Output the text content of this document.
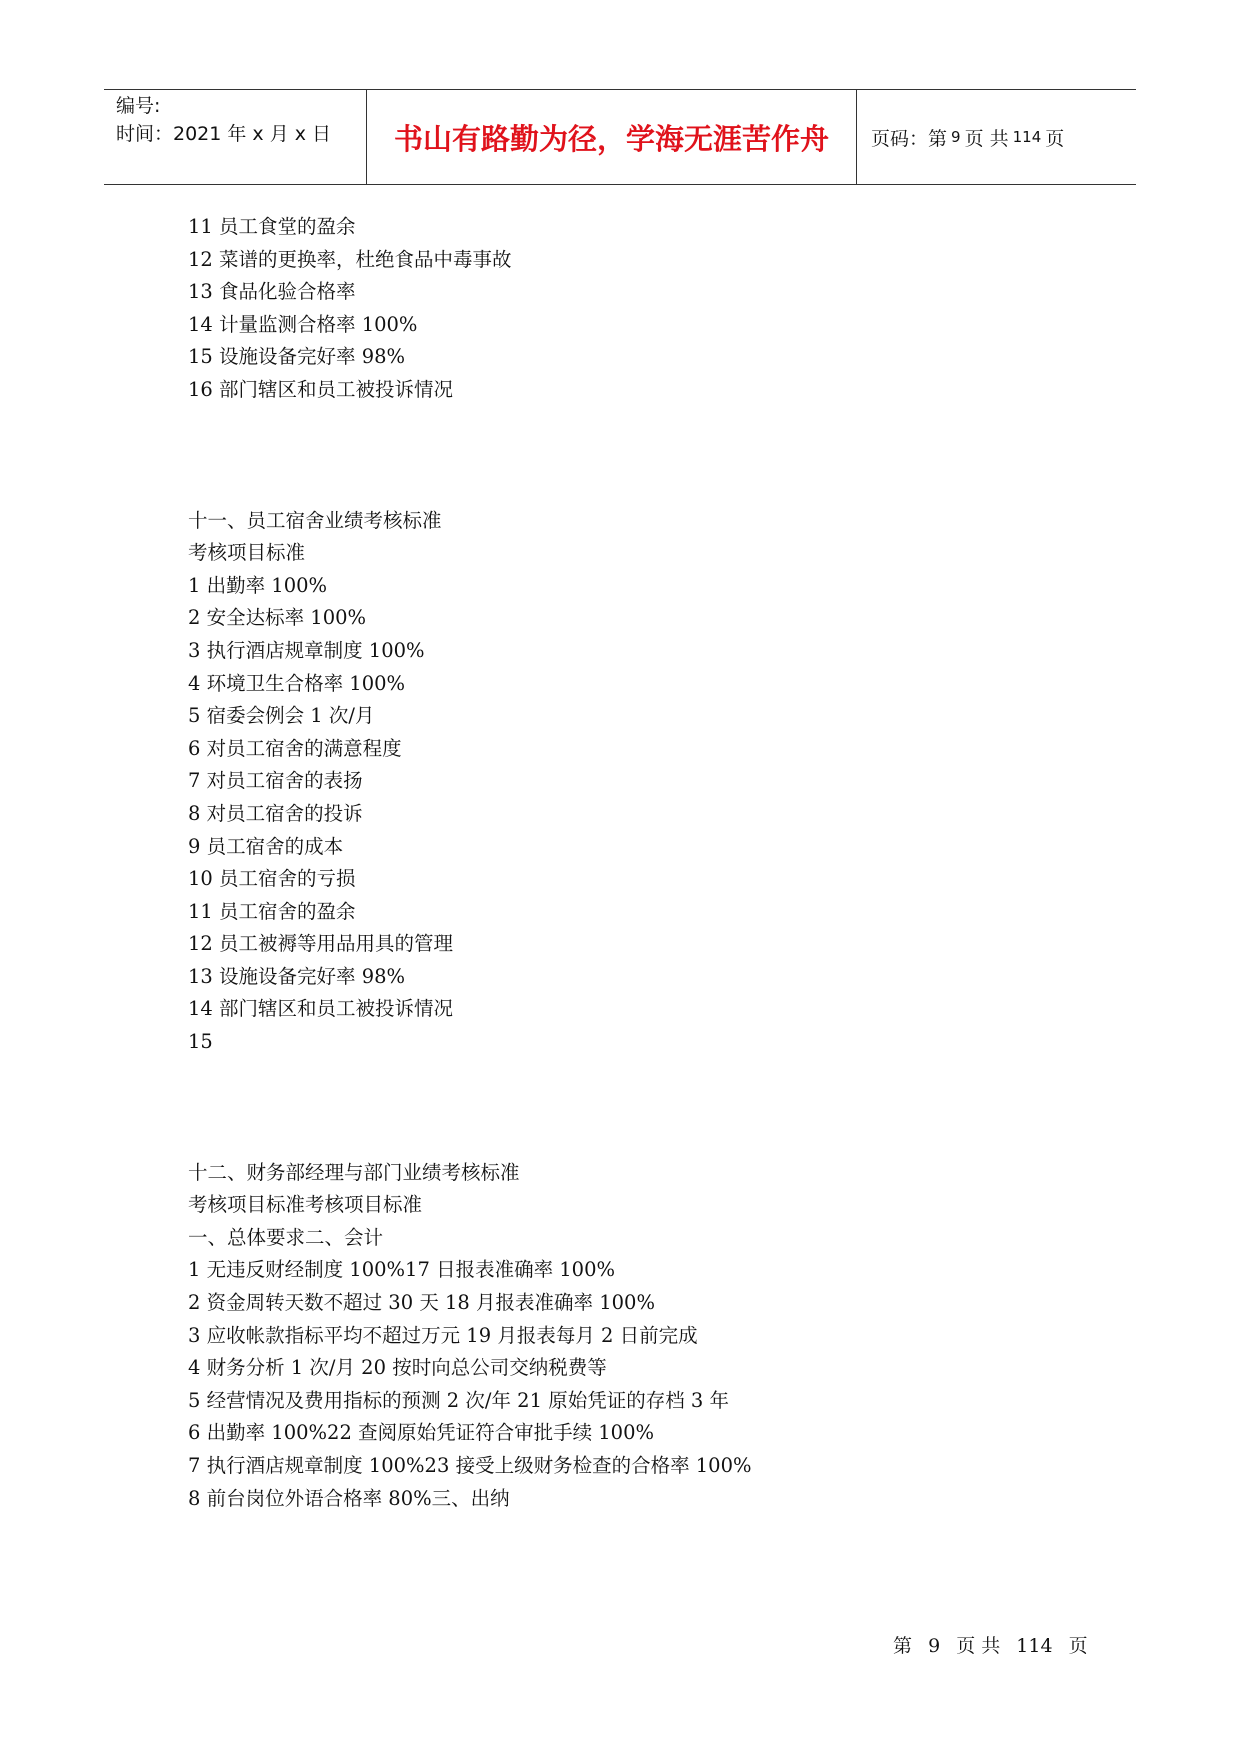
编号:
时间：2021 年 x 月 x 日	书山有路勤为径，学海无涯苦作舟	页码：第 9 页 共 114 页
11 员工食堂的盈余
12 菜谱的更换率，杜绝食品中毒事故
13 食品化验合格率
14 计量监测合格率 100%
15 设施设备完好率 98%
16 部门辖区和员工被投诉情况
十一、员工宿舍业绩考核标准
考核项目标准
1 出勤率 100%
2 安全达标率 100%
3 执行酒店规章制度 100%
4 环境卫生合格率 100%
5 宿委会例会 1 次/月
6 对员工宿舍的满意程度
7 对员工宿舍的表扬
8 对员工宿舍的投诉
9 员工宿舍的成本
10 员工宿舍的亏损
11 员工宿舍的盈余
12 员工被褥等用品用具的管理
13 设施设备完好率 98%
14 部门辖区和员工被投诉情况
15
十二、财务部经理与部门业绩考核标准
考核项目标准考核项目标准
一、总体要求二、会计
1 无违反财经制度 100%17 日报表准确率 100%
2 资金周转天数不超过 30 天 18 月报表准确率 100%
3 应收帐款指标平均不超过万元 19 月报表每月 2 日前完成
4 财务分析 1 次/月 20 按时向总公司交纳税费等
5 经营情况及费用指标的预测 2 次/年 21 原始凭证的存档 3 年
6 出勤率 100%22 查阅原始凭证符合审批手续 100%
7 执行酒店规章制度 100%23 接受上级财务检查的合格率 100%
8 前台岗位外语合格率 80%三、出纳
第 9 页 共 114 页
